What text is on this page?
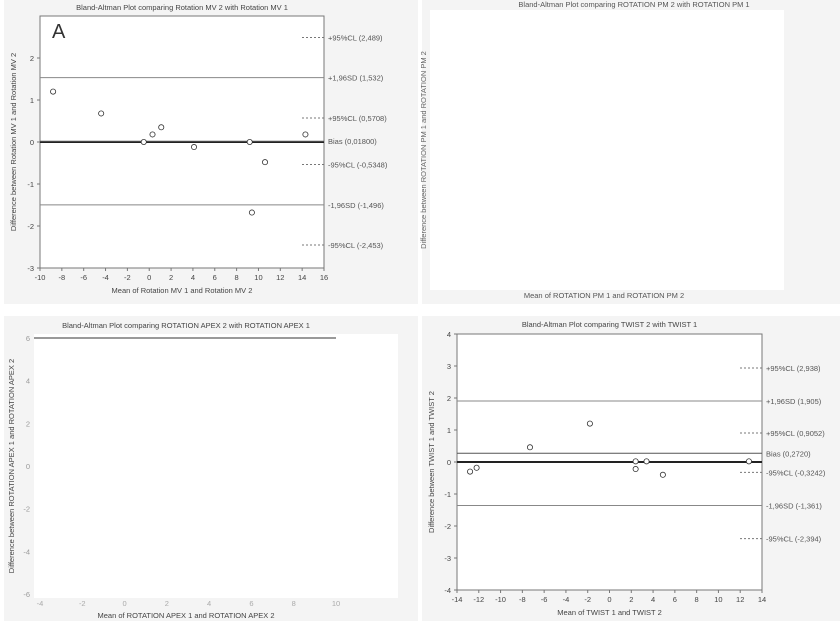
Bland-Altman Plot comparing Rotation MV 2 with Rotation MV 1
A
-10 -8 -6 -4 -2 0 2 4 6 8 10 12 14 16
-3
-2
-1
0
1
2
Mean of Rotation MV 1 and Rotation MV 2
Difference between Rotation MV 1 and Rotation MV 2
+95%CL (2,489)
+1,96SD (1,532)
+95%CL (0,5708)
Bias (0,01800)
-95%CL (-0,5348)
-1,96SD (-1,496)
-95%CL (-2,453)
Bland-Altman Plot comparing ROTATION PM 2 with ROTATION PM 1
Difference between ROTATION PM 1 and ROTATION PM 2
Mean of ROTATION PM 1 and ROTATION PM 2
Bland-Altman Plot comparing ROTATION APEX 2 with ROTATION APEX 1
-6
-4
-2
0
2
4
6
-4	-2	0	2	4	6	8	10
Difference between ROTATION APEX 1 and ROTATION APEX 2
Mean of ROTATION APEX 1 and ROTATION APEX 2
Bland-Altman Plot comparing TWIST 2 with TWIST 1
-14 -12 -10 -8 -6 -4 -2 0 2 4 6 8 10 12 14
-4
-3
-2
-1
0
1
2
3
4
Mean of TWIST 1 and TWIST 2
Difference between TWIST 1 and TWIST 2
+95%CL (2,938)
+1,96SD (1,905)
+95%CL (0,9052)
Bias (0,2720)
-95%CL (-0,3242)
-1,96SD (-1,361)
-95%CL (-2,394)
